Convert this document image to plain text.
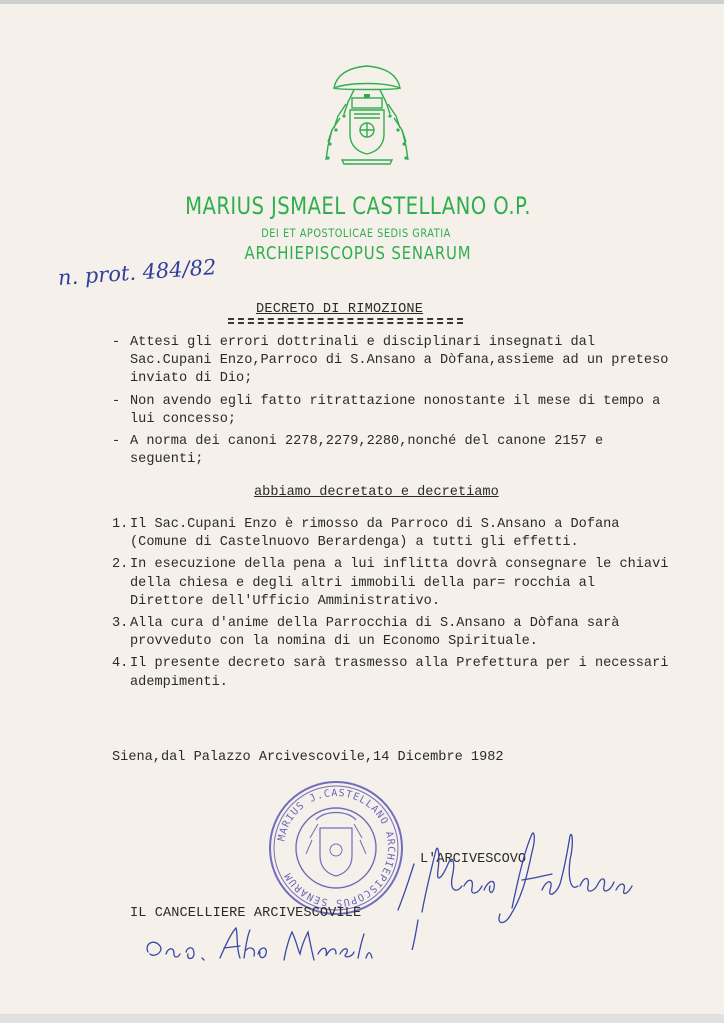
MARIUS JSMAEL CASTELLANO O.P.
DEI ET APOSTOLICAE SEDIS GRATIA
ARCHIEPISCOPUS SENARUM
n. prot. 484/82
DECRETO DI RIMOZIONE
- Attesi gli errori dottrinali e disciplinari insegnati dal Sac.Cupani Enzo,Parroco di S.Ansano a Dòfana,assieme ad un preteso inviato di Dio;
- Non avendo egli fatto ritrattazione nonostante il mese di tempo a lui concesso;
- A norma dei canoni 2278,2279,2280,nonché del canone 2157 e seguenti;
abbiamo decretato e decretiamo
1. Il Sac.Cupani Enzo è rimosso da Parroco di S.Ansano a Dofana (Comune di Castelnuovo Berardenga) a tutti gli effetti.
2. In esecuzione della pena a lui inflitta dovrà consegnare le chiavi della chiesa e degli altri immobili della par= rocchia al Direttore dell'Ufficio Amministrativo.
3. Alla cura d'anime della Parrocchia di S.Ansano a Dòfana sarà provveduto con la nomina di un Economo Spirituale.
4. Il presente decreto sarà trasmesso alla Prefettura per i necessari adempimenti.
Siena,dal Palazzo Arcivescovile,14 Dicembre 1982
MARIUS J.CASTELLANO ARCHIEPISCOPUS SENARUM
L'ARCIVESCOVO
IL CANCELLIERE ARCIVESCOVILE
